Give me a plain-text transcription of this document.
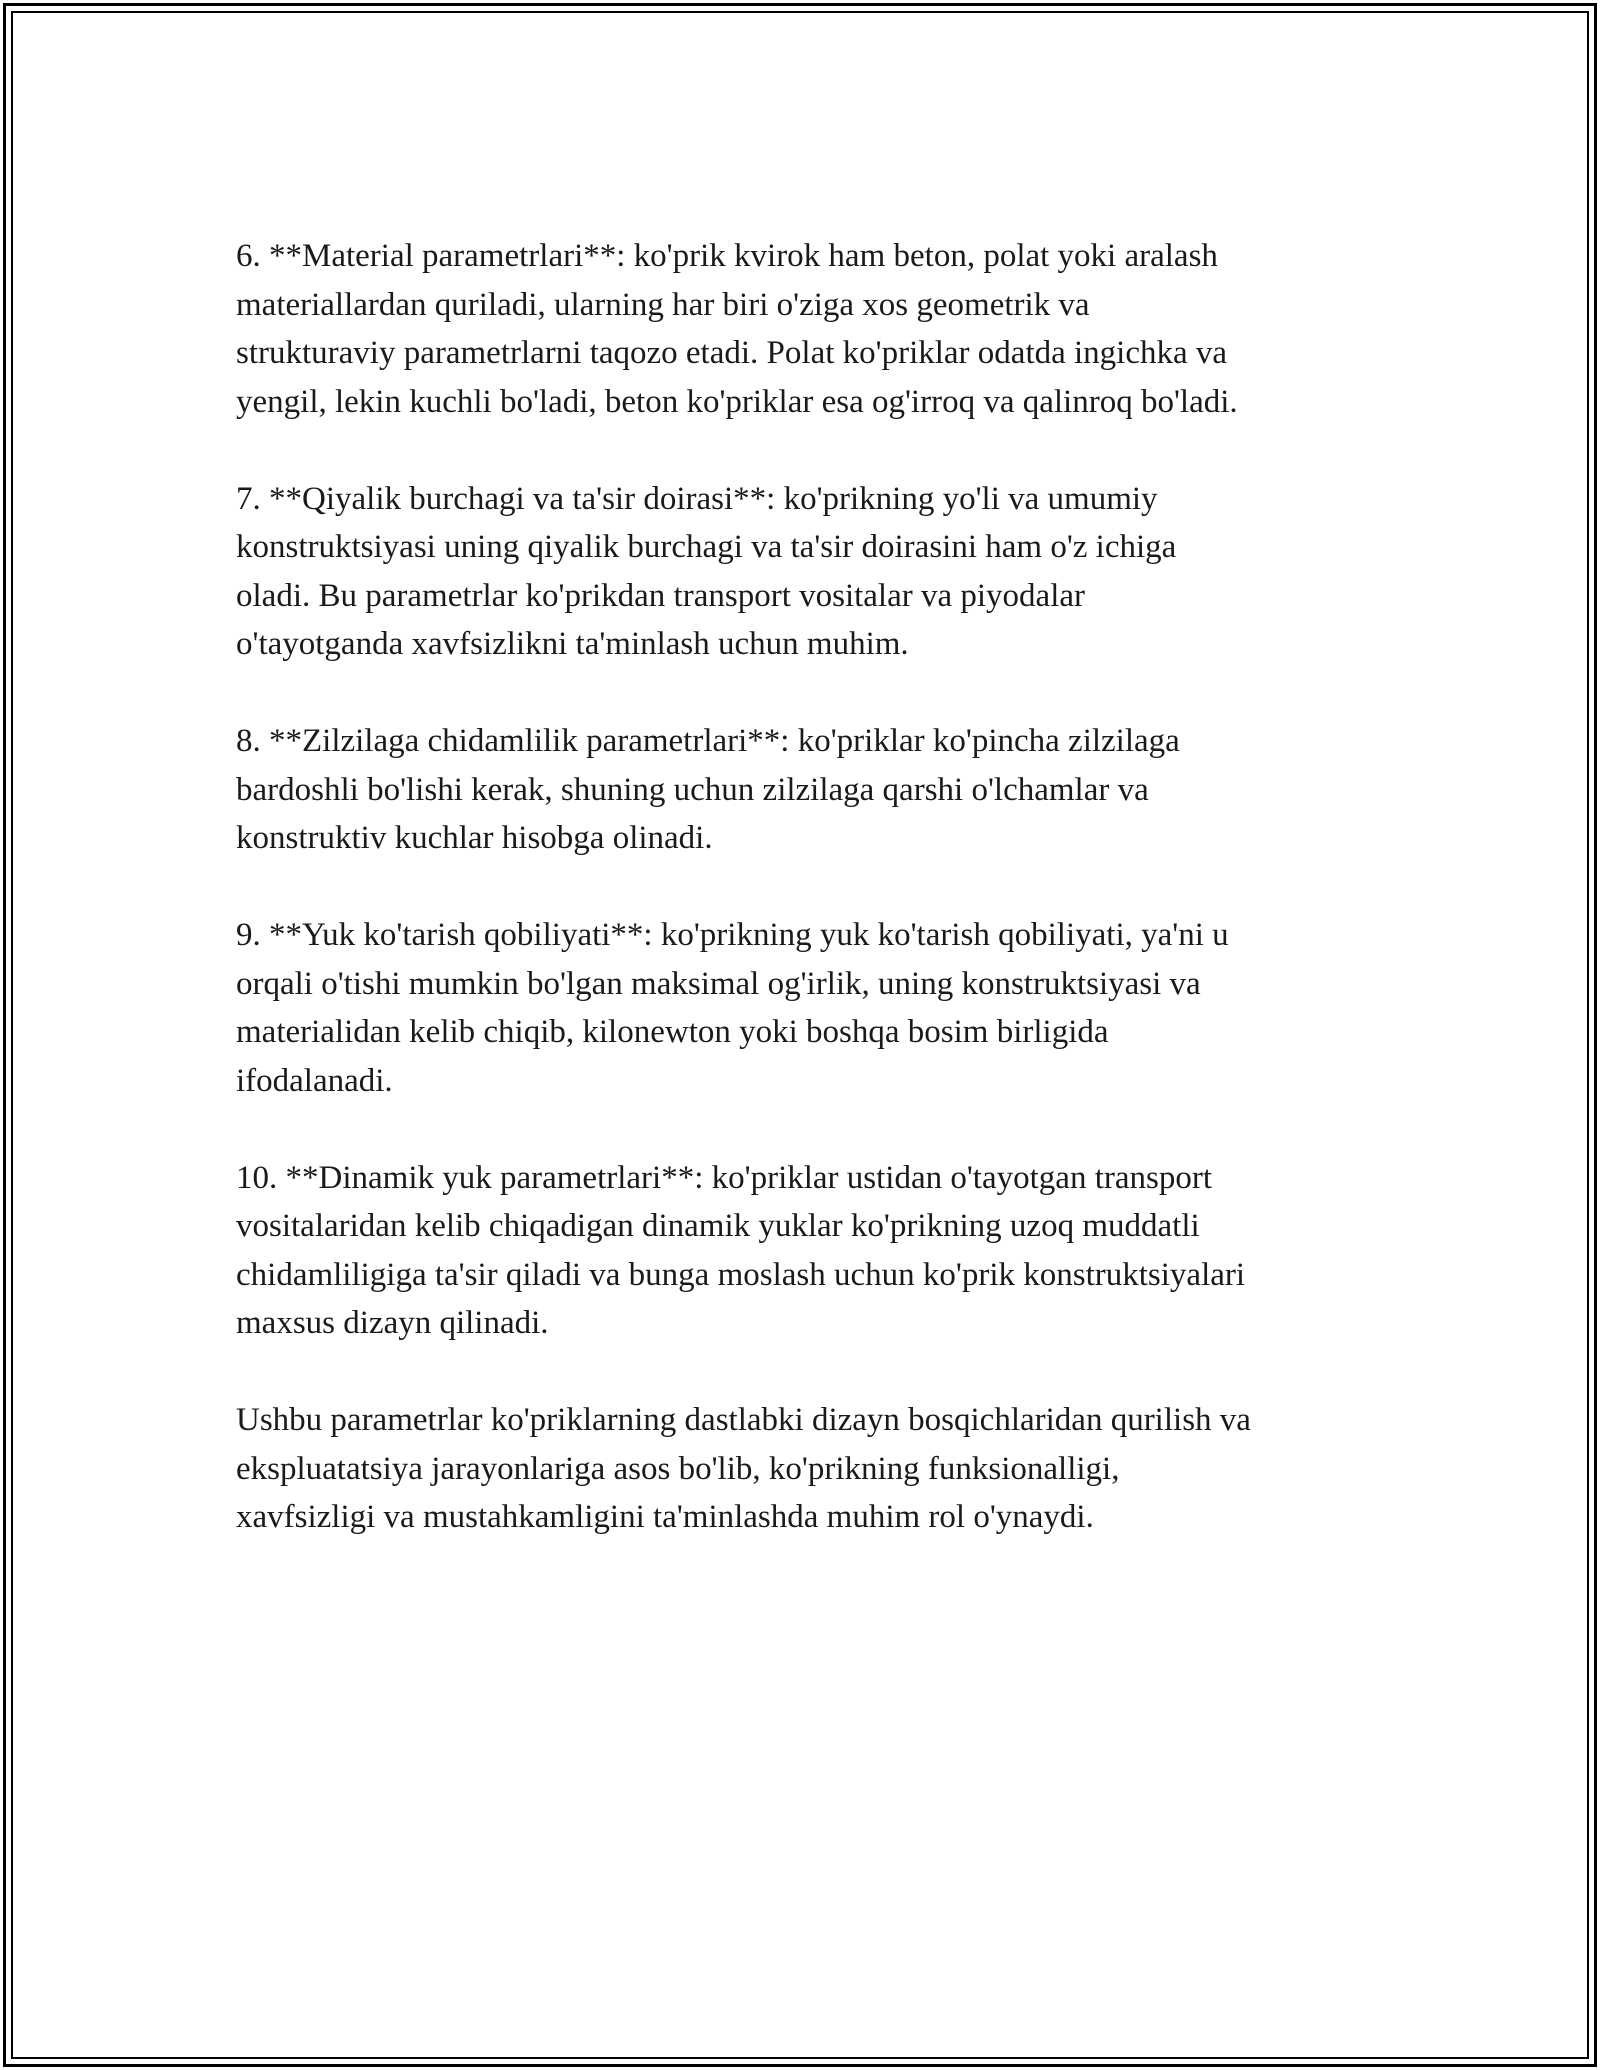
6. **Material parametrlari**: ko'prik kvirok ham beton, polat yoki aralash
materiallardan quriladi, ularning har biri o'ziga xos geometrik va
strukturaviy parametrlarni taqozo etadi. Polat ko'priklar odatda ingichka va
yengil, lekin kuchli bo'ladi, beton ko'priklar esa og'irroq va qalinroq bo'ladi.

7. **Qiyalik burchagi va ta'sir doirasi**: ko'prikning yo'li va umumiy
konstruktsiyasi uning qiyalik burchagi va ta'sir doirasini ham o'z ichiga
oladi. Bu parametrlar ko'prikdan transport vositalar va piyodalar
o'tayotganda xavfsizlikni ta'minlash uchun muhim.

8. **Zilzilaga chidamlilik parametrlari**: ko'priklar ko'pincha zilzilaga
bardoshli bo'lishi kerak, shuning uchun zilzilaga qarshi o'lchamlar va
konstruktiv kuchlar hisobga olinadi.

9. **Yuk ko'tarish qobiliyati**: ko'prikning yuk ko'tarish qobiliyati, ya'ni u
orqali o'tishi mumkin bo'lgan maksimal og'irlik, uning konstruktsiyasi va
materialidan kelib chiqib, kilonewton yoki boshqa bosim birligida
ifodalanadi.

10. **Dinamik yuk parametrlari**: ko'priklar ustidan o'tayotgan transport
vositalaridan kelib chiqadigan dinamik yuklar ko'prikning uzoq muddatli
chidamliligiga ta'sir qiladi va bunga moslash uchun ko'prik konstruktsiyalari
maxsus dizayn qilinadi.

Ushbu parametrlar ko'priklarning dastlabki dizayn bosqichlaridan qurilish va
ekspluatatsiya jarayonlariga asos bo'lib, ko'prikning funksionalligi,
xavfsizligi va mustahkamligini ta'minlashda muhim rol o'ynaydi.
